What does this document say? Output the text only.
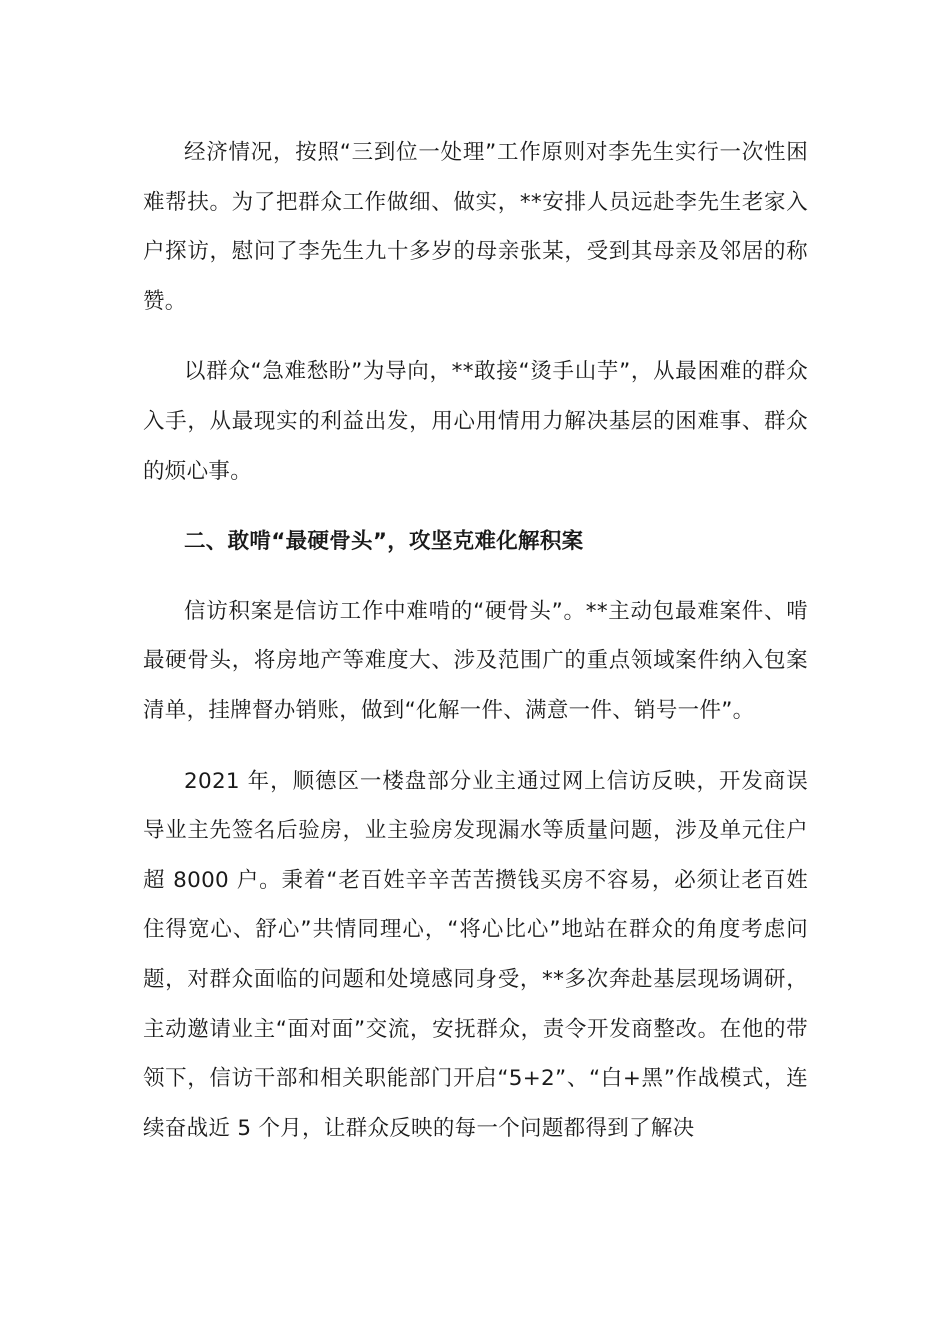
经济情况，按照“三到位一处理”工作原则对李先生实行一次性困难帮扶。为了把群众工作做细、做实，**安排人员远赴李先生老家入户探访，慰问了李先生九十多岁的母亲张某，受到其母亲及邻居的称赞。

以群众“急难愁盼”为导向，**敢接“烫手山芋”，从最困难的群众入手，从最现实的利益出发，用心用情用力解决基层的困难事、群众的烦心事。

二、敢啃“最硬骨头”，攻坚克难化解积案

信访积案是信访工作中难啃的“硬骨头”。**主动包最难案件、啃最硬骨头，将房地产等难度大、涉及范围广的重点领域案件纳入包案清单，挂牌督办销账，做到“化解一件、满意一件、销号一件”。

2021 年，顺德区一楼盘部分业主通过网上信访反映，开发商误导业主先签名后验房，业主验房发现漏水等质量问题，涉及单元住户超 8000 户。秉着“老百姓辛辛苦苦攒钱买房不容易，必须让老百姓住得宽心、舒心”共情同理心，“将心比心”地站在群众的角度考虑问题，对群众面临的问题和处境感同身受，**多次奔赴基层现场调研，主动邀请业主“面对面”交流，安抚群众，责令开发商整改。在他的带领下，信访干部和相关职能部门开启“5+2”、“白+黑”作战模式，连续奋战近 5 个月，让群众反映的每一个问题都得到了解决
